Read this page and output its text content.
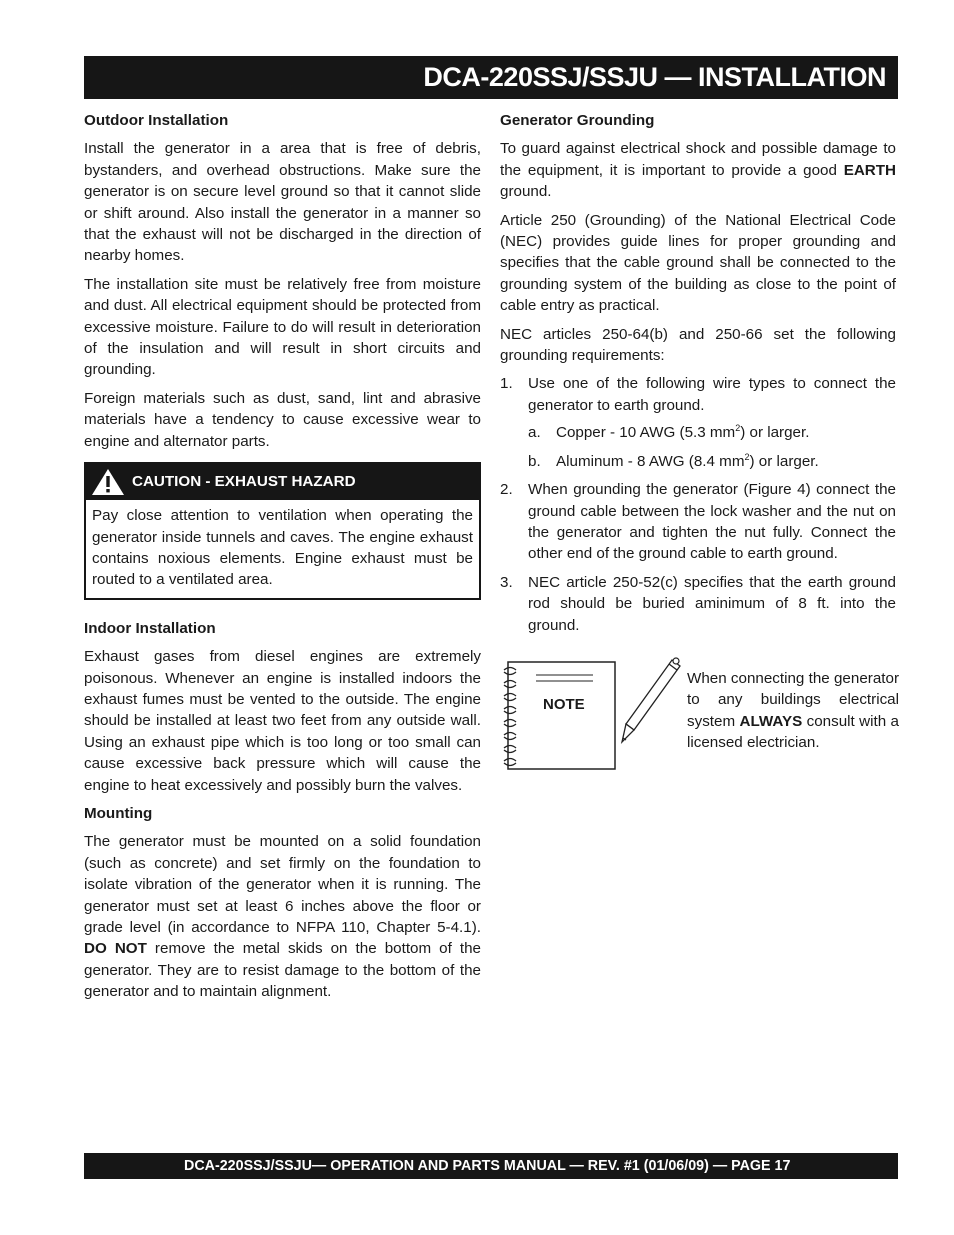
DCA-220SSJ/SSJU — INSTALLATION
Outdoor Installation

Install the generator in a area that is free of debris, bystanders, and overhead obstructions. Make sure the generator is on secure level ground so that it cannot slide or shift around. Also install the generator in a manner so that the exhaust will not be discharged in the direction of nearby homes.

The installation site must be relatively free from moisture and dust. All electrical equipment should be protected from excessive moisture. Failure to do will result in deterioration of the insulation and will result in short circuits and grounding.

Foreign materials such as dust, sand, lint and abrasive materials have a tendency to cause excessive wear to engine and alternator parts.

CAUTION - EXHAUST HAZARD
Pay close attention to ventilation when operating the generator inside tunnels and caves. The engine exhaust contains noxious elements. Engine exhaust must be routed to a ventilated area.
Indoor Installation

Exhaust gases from diesel engines are extremely poisonous. Whenever an engine is installed indoors the exhaust fumes must be vented to the outside. The engine should be installed at least two feet from any outside wall. Using an exhaust pipe which is too long or too small can cause excessive back pressure which will cause the engine to heat excessively and possibly burn the valves.

Mounting

The generator must be mounted on a solid foundation (such as concrete) and set firmly on the foundation to isolate vibration of the generator when it is running. The generator must set at least 6 inches above the floor or grade level (in accordance to NFPA 110, Chapter 5-4.1). DO NOT remove the metal skids on the bottom of the generator. They are to resist damage to the bottom of the generator and to maintain alignment.

Generator Grounding

To guard against electrical shock and possible damage to the equipment, it is important to provide a good EARTH ground.

Article 250 (Grounding) of the National Electrical Code (NEC) provides guide lines for proper grounding and specifies that the cable ground shall be connected to the grounding system of the building as close to the point of cable entry as practical.

NEC articles 250-64(b) and 250-66 set the following grounding requirements:

1. Use one of the following wire types to connect the generator to earth ground.
a. Copper - 10 AWG (5.3 $mm^2$) or larger.
b. Aluminum - 8 AWG (8.4 $mm^2$) or larger.
2. When grounding the generator (Figure 4) connect the ground cable between the lock washer and the nut on the generator and tighten the nut fully. Connect the other end of the ground cable to earth ground.
3. NEC article 250-52(c) specifies that the earth ground rod should be buried aminimum of 8 ft. into the ground.
NOTE
When connecting the generator to any buildings electrical system ALWAYS consult with a licensed electrician.
DCA-220SSJ/SSJU— OPERATION AND PARTS MANUAL — REV. #1 (01/06/09) — PAGE 17
